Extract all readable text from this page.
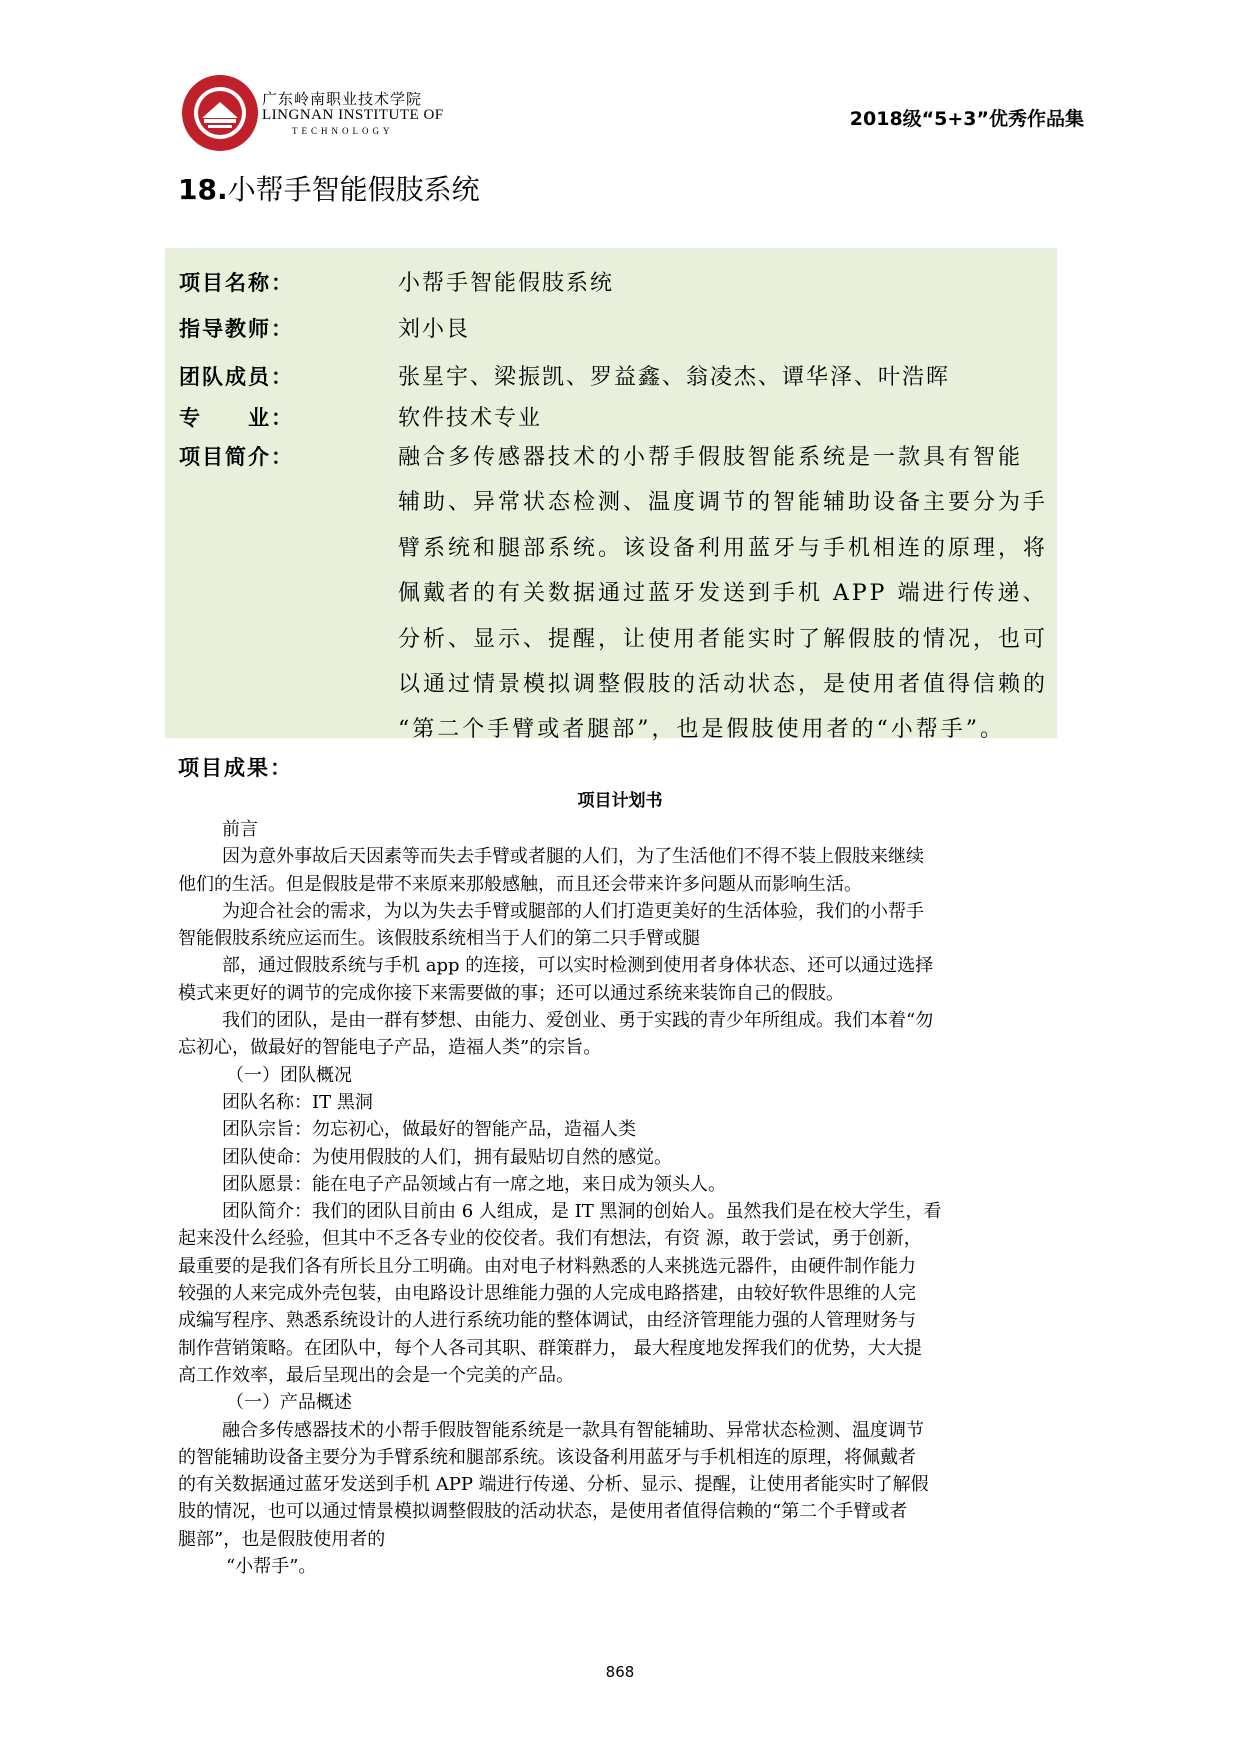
广东岭南职业技术学院
LINGNAN INSTITUTE OF
TECHNOLOGY
2018级“5+3”优秀作品集
18.小帮手智能假肢系统
项目名称：	小帮手智能假肢系统
指导教师：	刘小艮
团队成员：	张星宇、梁振凯、罗益鑫、翁凌杰、谭华泽、叶浩晖
专　　业：	软件技术专业
项目简介：	融合多传感器技术的小帮手假肢智能系统是一款具有智能
辅助、异常状态检测、温度调节的智能辅助设备主要分为手
臂系统和腿部系统。该设备利用蓝牙与手机相连的原理，将
佩戴者的有关数据通过蓝牙发送到手机 APP 端进行传递、
分析、显示、提醒，让使用者能实时了解假肢的情况，也可
以通过情景模拟调整假肢的活动状态，是使用者值得信赖的
“第二个手臂或者腿部”，也是假肢使用者的“小帮手”。
项目成果：
项目计划书
前言
因为意外事故后天因素等而失去手臂或者腿的人们，为了生活他们不得不装上假肢来继续
他们的生活。但是假肢是带不来原来那般感触，而且还会带来许多问题从而影响生活。
为迎合社会的需求，为以为失去手臂或腿部的人们打造更美好的生活体验，我们的小帮手
智能假肢系统应运而生。该假肢系统相当于人们的第二只手臂或腿
部，通过假肢系统与手机 app 的连接，可以实时检测到使用者身体状态、还可以通过选择
模式来更好的调节的完成你接下来需要做的事；还可以通过系统来装饰自己的假肢。
我们的团队，是由一群有梦想、由能力、爱创业、勇于实践的青少年所组成。我们本着“勿
忘初心，做最好的智能电子产品，造福人类”的宗旨。
（一）团队概况
团队名称：IT 黑洞
团队宗旨：勿忘初心，做最好的智能产品，造福人类
团队使命：为使用假肢的人们，拥有最贴切自然的感觉。
团队愿景：能在电子产品领域占有一席之地，来日成为领头人。
团队简介：我们的团队目前由 6 人组成，是 IT 黑洞的创始人。虽然我们是在校大学生，看
起来没什么经验，但其中不乏各专业的佼佼者。我们有想法，有资 源，敢于尝试，勇于创新，
最重要的是我们各有所长且分工明确。由对电子材料熟悉的人来挑选元器件，由硬件制作能力
较强的人来完成外壳包装，由电路设计思维能力强的人完成电路搭建，由较好软件思维的人完
成编写程序、熟悉系统设计的人进行系统功能的整体调试，由经济管理能力强的人管理财务与
制作营销策略。在团队中，每个人各司其职、群策群力， 最大程度地发挥我们的优势，大大提
高工作效率，最后呈现出的会是一个完美的产品。
（一）产品概述
融合多传感器技术的小帮手假肢智能系统是一款具有智能辅助、异常状态检测、温度调节
的智能辅助设备主要分为手臂系统和腿部系统。该设备利用蓝牙与手机相连的原理，将佩戴者
的有关数据通过蓝牙发送到手机 APP 端进行传递、分析、显示、提醒，让使用者能实时了解假
肢的情况，也可以通过情景模拟调整假肢的活动状态，是使用者值得信赖的“第二个手臂或者
腿部”，也是假肢使用者的
“小帮手”。
868
